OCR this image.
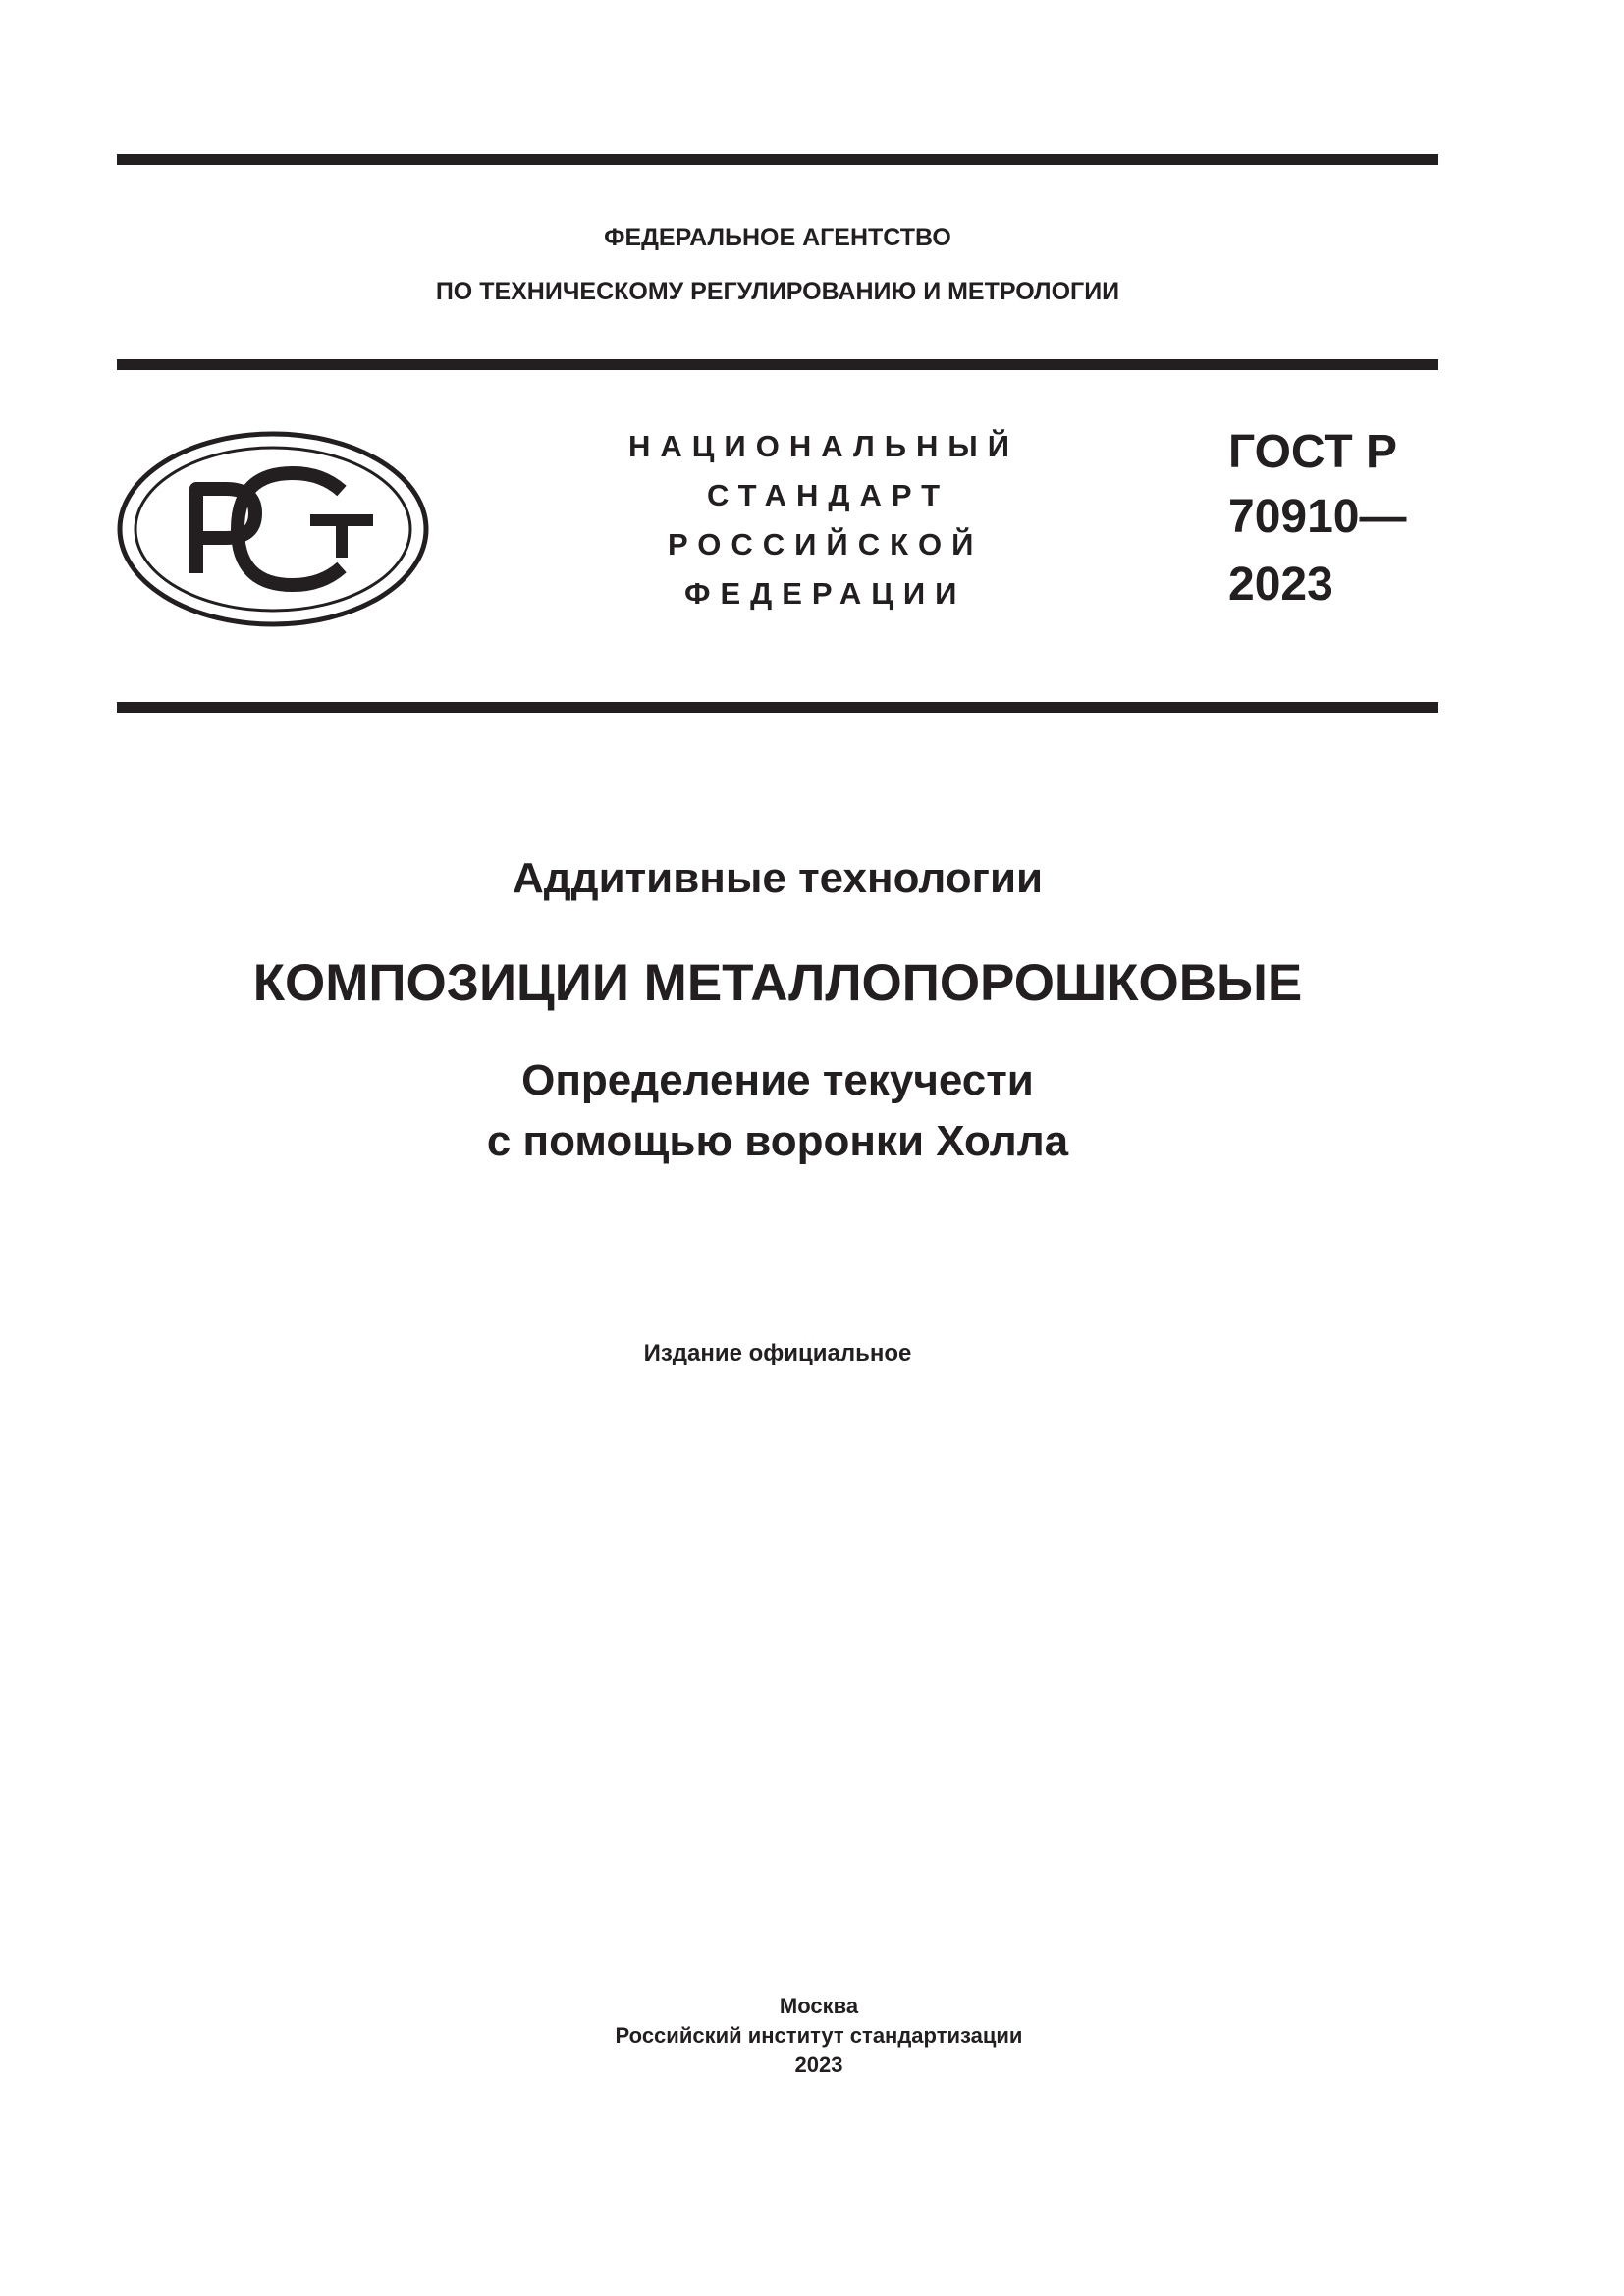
ФЕДЕРАЛЬНОЕ АГЕНТСТВО
ПО ТЕХНИЧЕСКОМУ РЕГУЛИРОВАНИЮ И МЕТРОЛОГИИ
НАЦИОНАЛЬНЫЙ
СТАНДАРТ
РОССИЙСКОЙ
ФЕДЕРАЦИИ
ГОСТ Р
70910—
2023
Аддитивные технологии
КОМПОЗИЦИИ МЕТАЛЛОПОРОШКОВЫЕ
Определение текучести
с помощью воронки Холла
Издание официальное
Москва
Российский институт стандартизации
2023
